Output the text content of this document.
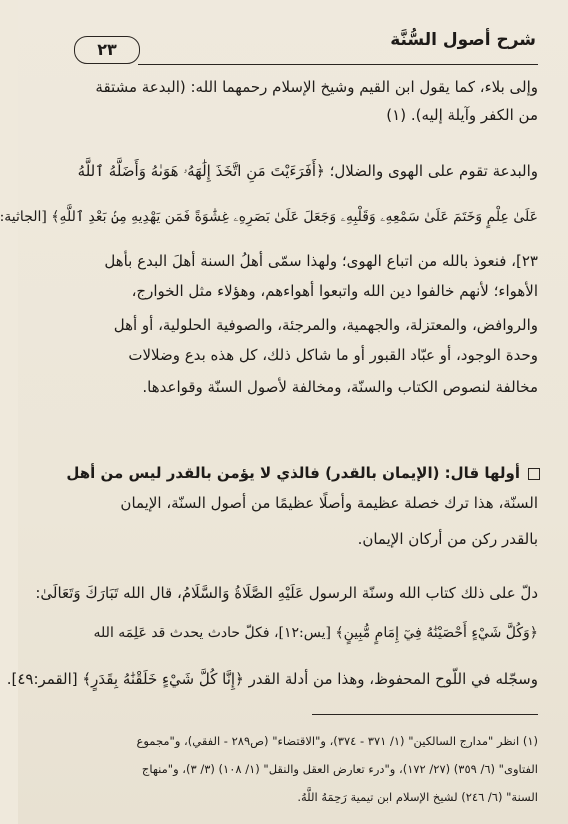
شرح أصول السُّنَّة
٢٣
وإلى بلاء، كما يقول ابن القيم وشيخ الإسلام رحمهما الله: (البدعة مشتقة
من الكفر وآيلة إليه). (١)
والبدعة تقوم على الهوى والضلال؛ ﴿أَفَرَءَيْتَ مَنِ اتَّخَذَ إِلَٰهَهُۥ هَوَىٰهُ وَأَضَلَّهُ ٱللَّهُ
عَلَىٰ عِلْمٍ وَخَتَمَ عَلَىٰ سَمْعِهِۦ وَقَلْبِهِۦ وَجَعَلَ عَلَىٰ بَصَرِهِۦ غِشَٰوَةً فَمَن يَهْدِيهِ مِنۢ بَعْدِ ٱللَّهِ﴾ [الجاثية:
٢٣]، فنعوذ بالله من اتباع الهوى؛ ولهذا سمّى أهلُ السنة أهلَ البدع بأهل
الأهواء؛ لأنهم خالفوا دين الله واتبعوا أهواءهم، وهؤلاء مثل الخوارج،
والروافض، والمعتزلة، والجهمية، والمرجئة، والصوفية الحلولية، أو أهل
وحدة الوجود، أو عبّاد القبور أو ما شاكل ذلك، كل هذه بدع وضلالات
مخالفة لنصوص الكتاب والسنّة، ومخالفة لأصول السنّة وقواعدها.
أولها قال: (الإيمان بالقدر) فالذي لا يؤمن بالقدر ليس من أهل
السنّة، هذا ترك خصلة عظيمة وأصلًا عظيمًا من أصول السنّة، الإيمان
بالقدر ركن من أركان الإيمان.
دلّ على ذلك كتاب الله وسنّة الرسول عَلَيْهِ الصَّلَاةُ وَالسَّلَامُ، قال الله تَبَارَكَ وَتَعَالَىٰ:
﴿وَكُلَّ شَيْءٍ أَحْصَيْنَٰهُ فِيٓ إِمَامٍ مُّبِينٍ﴾ [يس:١٢]، فكلّ حادث يحدث قد عَلِمَه الله
وسجّله في اللّوح المحفوظ، وهذا من أدلة القدر ﴿إِنَّا كُلَّ شَيْءٍ خَلَقْنَٰهُ بِقَدَرٍ﴾ [القمر:٤٩].
(١) انظر "مدارج السالكين" (١/ ٣٧١ - ٣٧٤)، و"الاقتضاء" (ص٢٨٩ - الفقي)، و"مجموع
الفتاوى" (٦/ ٣٥٩) (٢٧/ ١٧٢)، و"درء تعارض العقل والنقل" (١/ ١٠٨) (٣/ ٣)، و"منهاج
السنة" (٦/ ٢٤٦) لشيخ الإسلام ابن تيمية رَحِمَهُ اللَّهُ.
